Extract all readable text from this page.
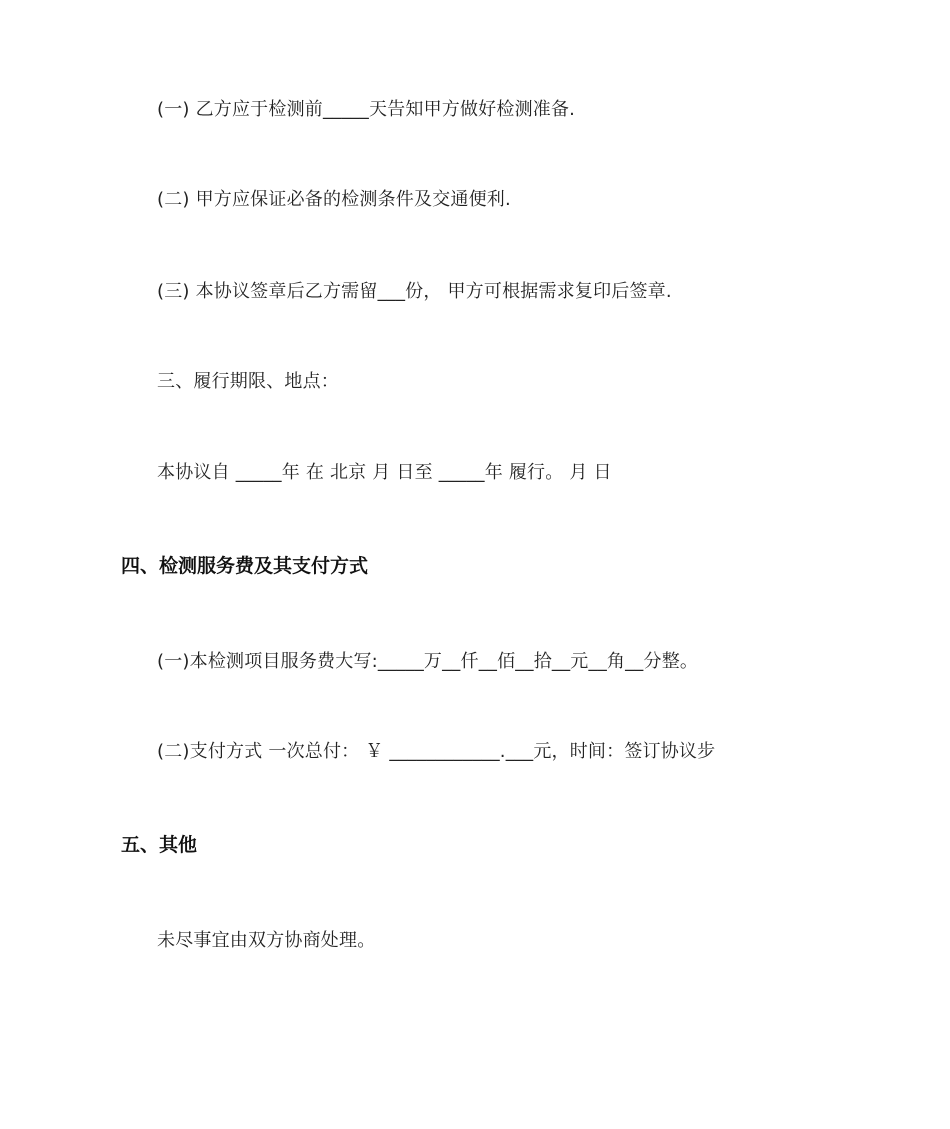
(一) 乙方应于检测前_____天告知甲方做好检测准备.
(二) 甲方应保证必备的检测条件及交通便利.
(三) 本协议签章后乙方需留___份， 甲方可根据需求复印后签章.
三、履行期限、地点：
本协议自 _____年 在 北京 月 日至 _____年 履行。 月 日
四、检测服务费及其支付方式
(一)本检测项目服务费大写:_____万__仟__佰__拾__元__角__分整。
(二)支付方式 一次总付： ￥ ____________.___元，时间：签订协议步
五、其他
未尽事宜由双方协商处理。
